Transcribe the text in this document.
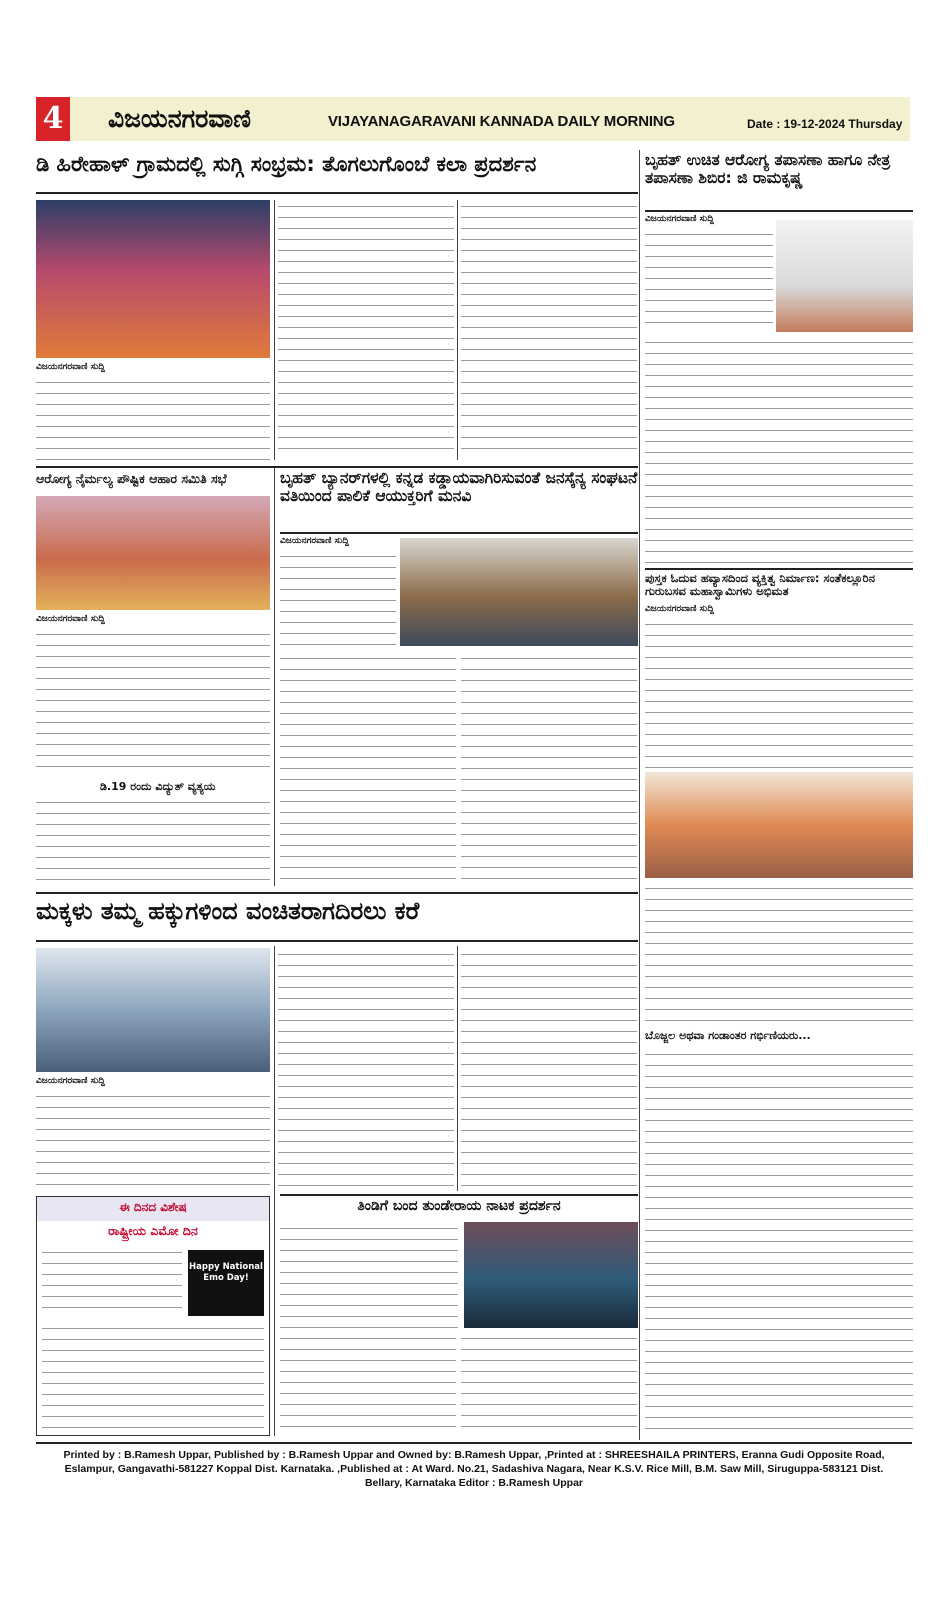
4 ವಿಜಯನಗರವಾಣಿ	VIJAYANAGARAVANI KANNADA DAILY MORNING	Date : 19-12-2024 Thursday
ಡಿ ಹಿರೇಹಾಳ್ ಗ್ರಾಮದಲ್ಲಿ ಸುಗ್ಗಿ ಸಂಭ್ರಮ: ತೊಗಲುಗೊಂಬೆ ಕಲಾ ಪ್ರದರ್ಶನ
ವಿಜಯನಗರವಾಣಿ ಸುದ್ದಿ
ಬೃಹತ್ ಉಚಿತ ಆರೋಗ್ಯ ತಪಾಸಣಾ ಹಾಗೂ ನೇತ್ರ ತಪಾಸಣಾ ಶಿಬಿರ: ಜಿ ರಾಮಕೃಷ್ಣ
ವಿಜಯನಗರವಾಣಿ ಸುದ್ದಿ
ಆರೋಗ್ಯ ನೈರ್ಮಲ್ಯ ಪೌಷ್ಟಿಕ ಆಹಾರ ಸಮಿತಿ ಸಭೆ
ವಿಜಯನಗರವಾಣಿ ಸುದ್ದಿ
ಡಿ.19 ರಂದು ವಿದ್ಯುತ್ ವ್ಯತ್ಯಯ
ಬೃಹತ್ ಬ್ಯಾನರ್‌ಗಳಲ್ಲಿ ಕನ್ನಡ ಕಡ್ಡಾಯವಾಗಿರಿಸುವಂತೆ ಜನಸೈನ್ಯ ಸಂಘಟನೆ ವತಿಯಿಂದ ಪಾಲಿಕೆ ಆಯುಕ್ತರಿಗೆ ಮನವಿ
ವಿಜಯನಗರವಾಣಿ ಸುದ್ದಿ
ಪುಸ್ತಕ ಓದುವ ಹವ್ಯಾಸದಿಂದ ವ್ಯಕ್ತಿತ್ವ ನಿರ್ಮಾಣ: ಸಂತೆಕಲ್ಲೂರಿನ ಗುರುಬಸವ ಮಹಾಸ್ವಾಮಿಗಳು ಅಭಿಮತ
ವಿಜಯನಗರವಾಣಿ ಸುದ್ದಿ
ಮಕ್ಕಳು ತಮ್ಮ ಹಕ್ಕುಗಳಿಂದ ವಂಚಿತರಾಗದಿರಲು ಕರೆ
ವಿಜಯನಗರವಾಣಿ ಸುದ್ದಿ
ಬೊಜ್ಜಲ ಅಥವಾ ಗಂಡಾಂತರ ಗರ್ಭಿಣಿಯರು...
ಈ ದಿನದ ವಿಶೇಷ
ರಾಷ್ಟ್ರೀಯ ಎಮೋ ದಿನ
Happy National Emo Day!
ತಿಂಡಿಗೆ ಬಂದ ತುಂಡೇರಾಯ ನಾಟಕ ಪ್ರದರ್ಶನ
Printed by : B.Ramesh Uppar, Published by : B.Ramesh Uppar and Owned by: B.Ramesh Uppar, ,Printed at : SHREESHAILA PRINTERS, Eranna Gudi Opposite Road,
Eslampur, Gangavathi-581227 Koppal Dist. Karnataka. ,Published at : At Ward. No.21, Sadashiva Nagara, Near K.S.V. Rice Mill, B.M. Saw Mill, Siruguppa-583121 Dist.
Bellary, Karnataka Editor : B.Ramesh Uppar
